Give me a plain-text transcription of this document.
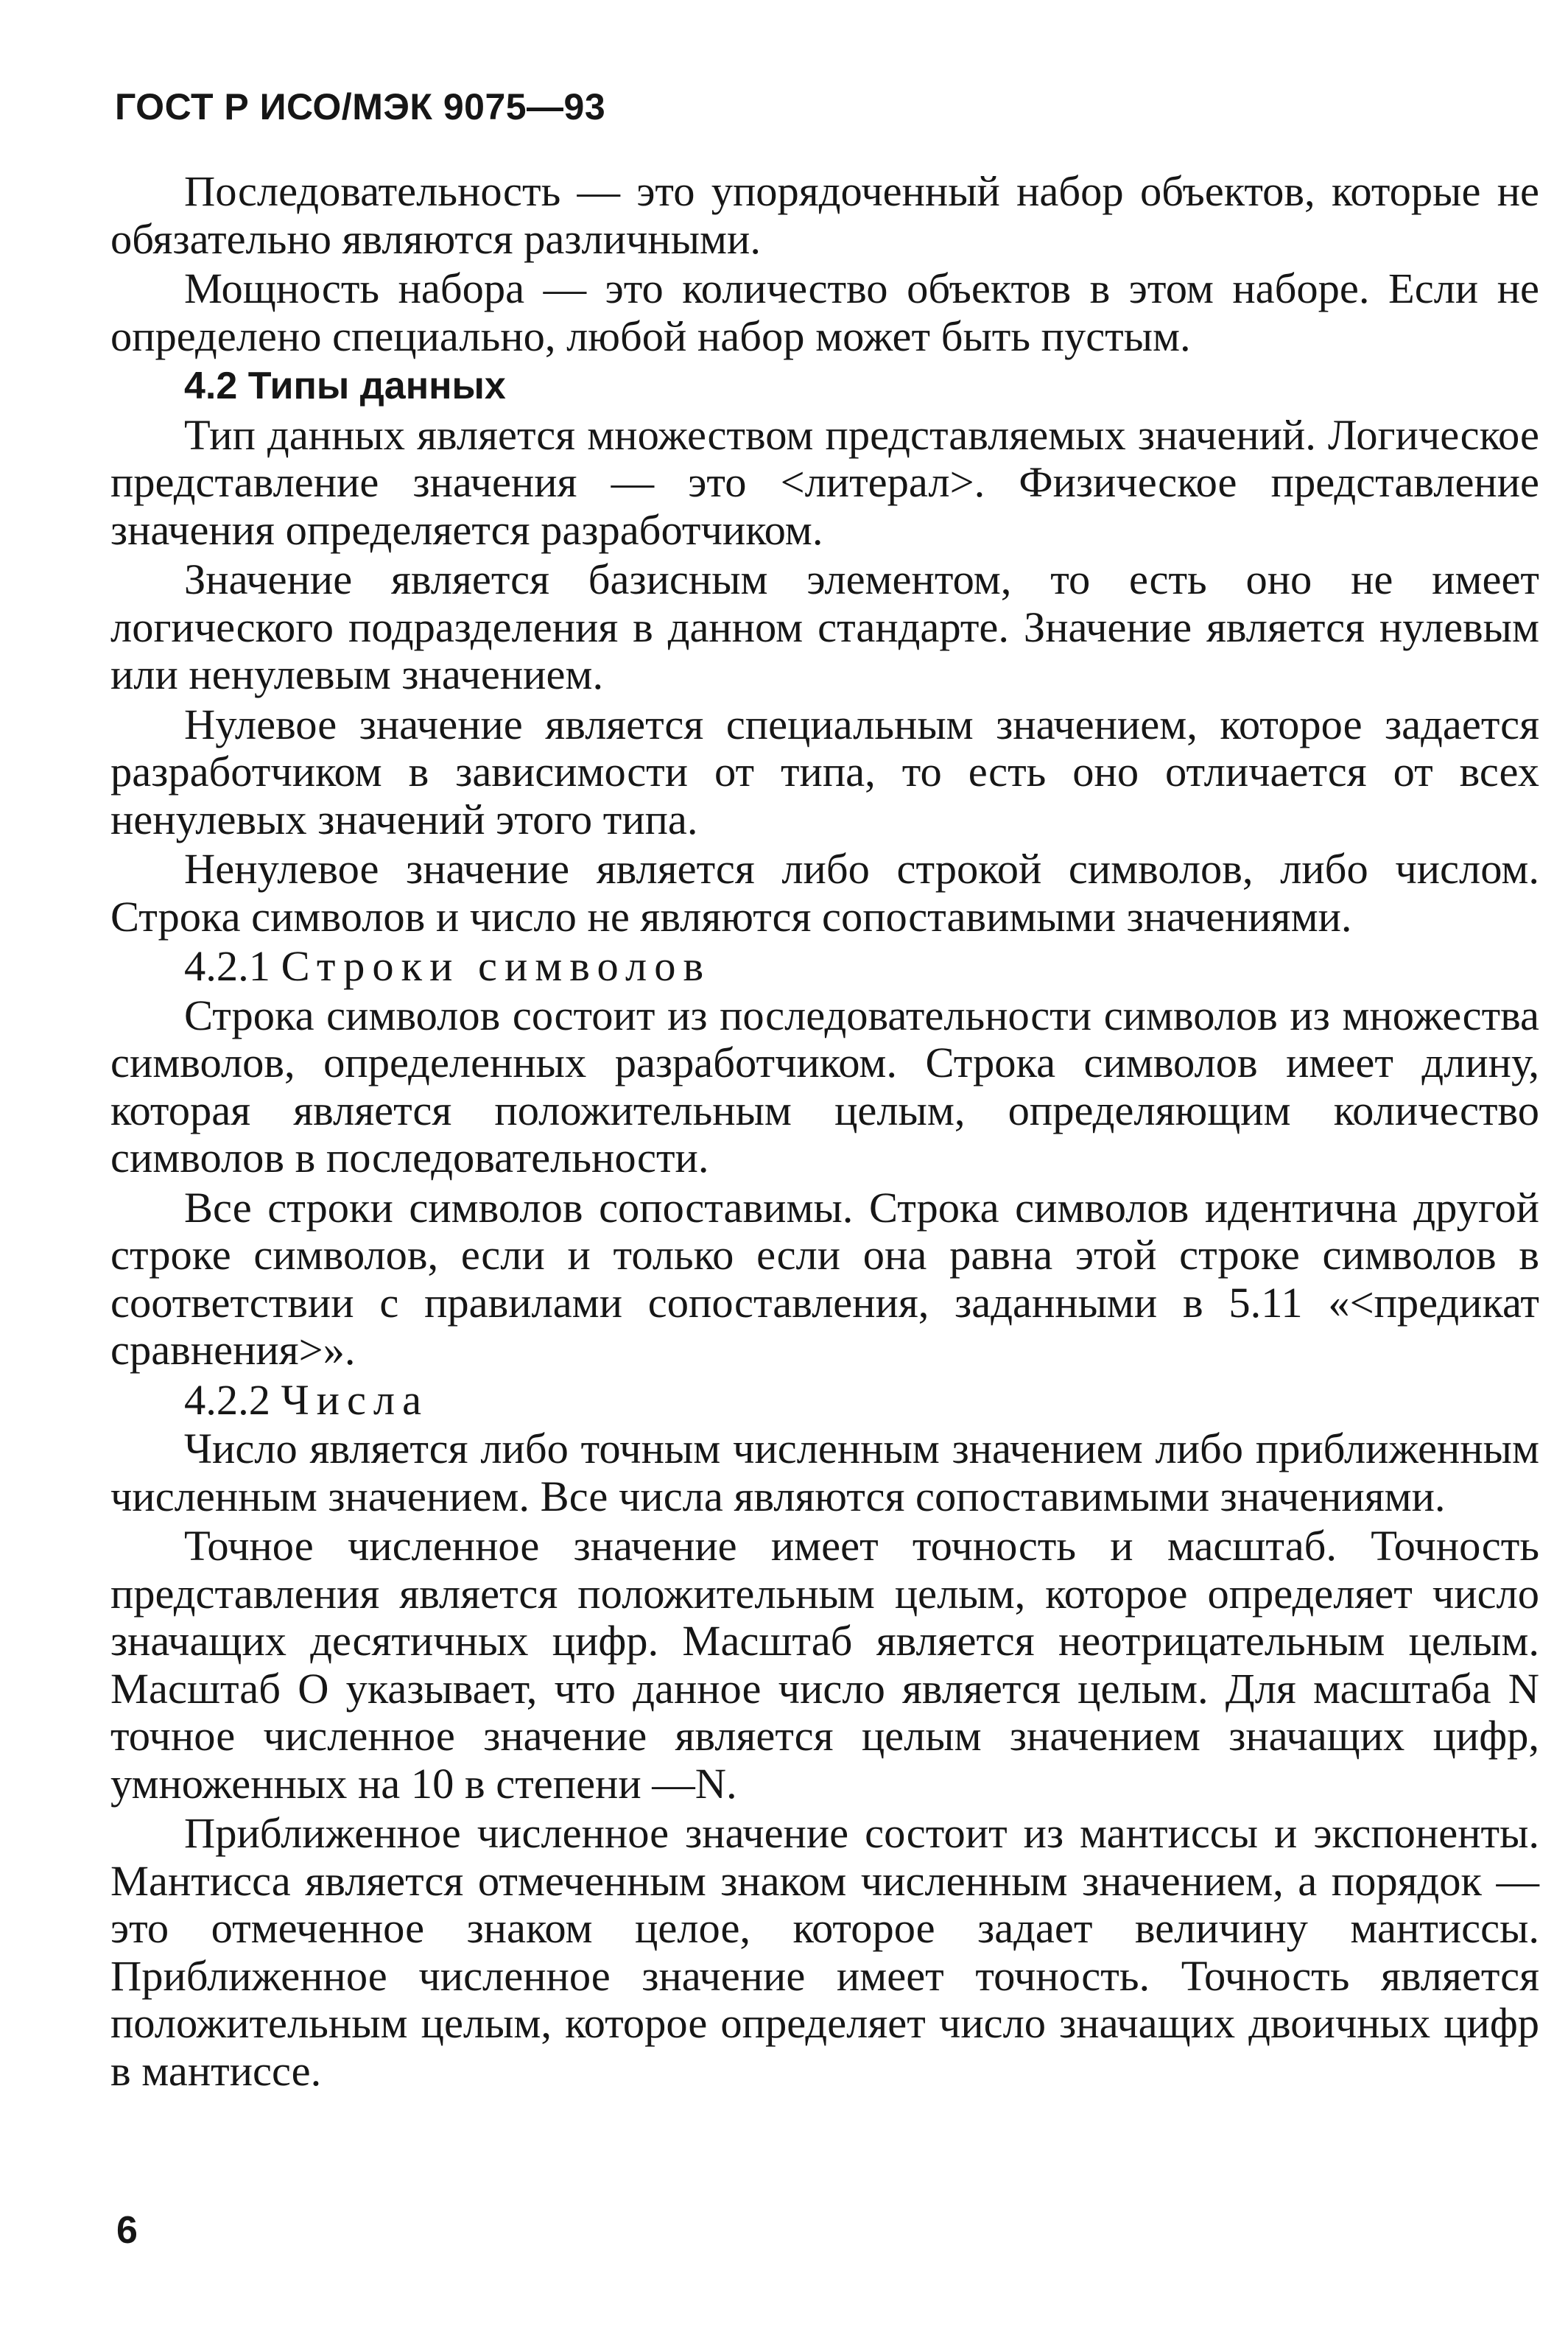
ГОСТ Р ИСО/МЭК 9075—93

Последовательность — это упорядоченный набор объектов, которые не обязательно являются различными.

Мощность набора — это количество объектов в этом наборе. Если не определено специально, любой набор может быть пустым.

4.2 Типы данных

Тип данных является множеством представляемых значений. Логическое представление значения — это <литерал>. Физическое представление значения определяется разработчиком.

Значение является базисным элементом, то есть оно не имеет логического подразделения в данном стандарте. Значение является нулевым или ненулевым значением.

Нулевое значение является специальным значением, которое задается разработчиком в зависимости от типа, то есть оно отличается от всех ненулевых значений этого типа.

Ненулевое значение является либо строкой символов, либо числом. Строка символов и число не являются сопоставимыми значениями.

4.2.1 Строки символов

Строка символов состоит из последовательности символов из множества символов, определенных разработчиком. Строка символов имеет длину, которая является положительным целым, определяющим количество символов в последовательности.

Все строки символов сопоставимы. Строка символов идентична другой строке символов, если и только если она равна этой строке символов в соответствии с правилами сопоставления, заданными в 5.11 «<предикат сравнения>».

4.2.2 Числа

Число является либо точным численным значением либо приближенным численным значением. Все числа являются сопоставимыми значениями.

Точное численное значение имеет точность и масштаб. Точность представления является положительным целым, которое определяет число значащих десятичных цифр. Масштаб является неотрицательным целым. Масштаб О указывает, что данное число является целым. Для масштаба N точное численное значение является целым значением значащих цифр, умноженных на 10 в степени —N.

Приближенное численное значение состоит из мантиссы и экспоненты. Мантисса является отмеченным знаком численным значением, а порядок — это отмеченное знаком целое, которое задает величину мантиссы. Приближенное численное значение имеет точность. Точность является положительным целым, которое определяет число значащих двоичных цифр в мантиссе.

6
